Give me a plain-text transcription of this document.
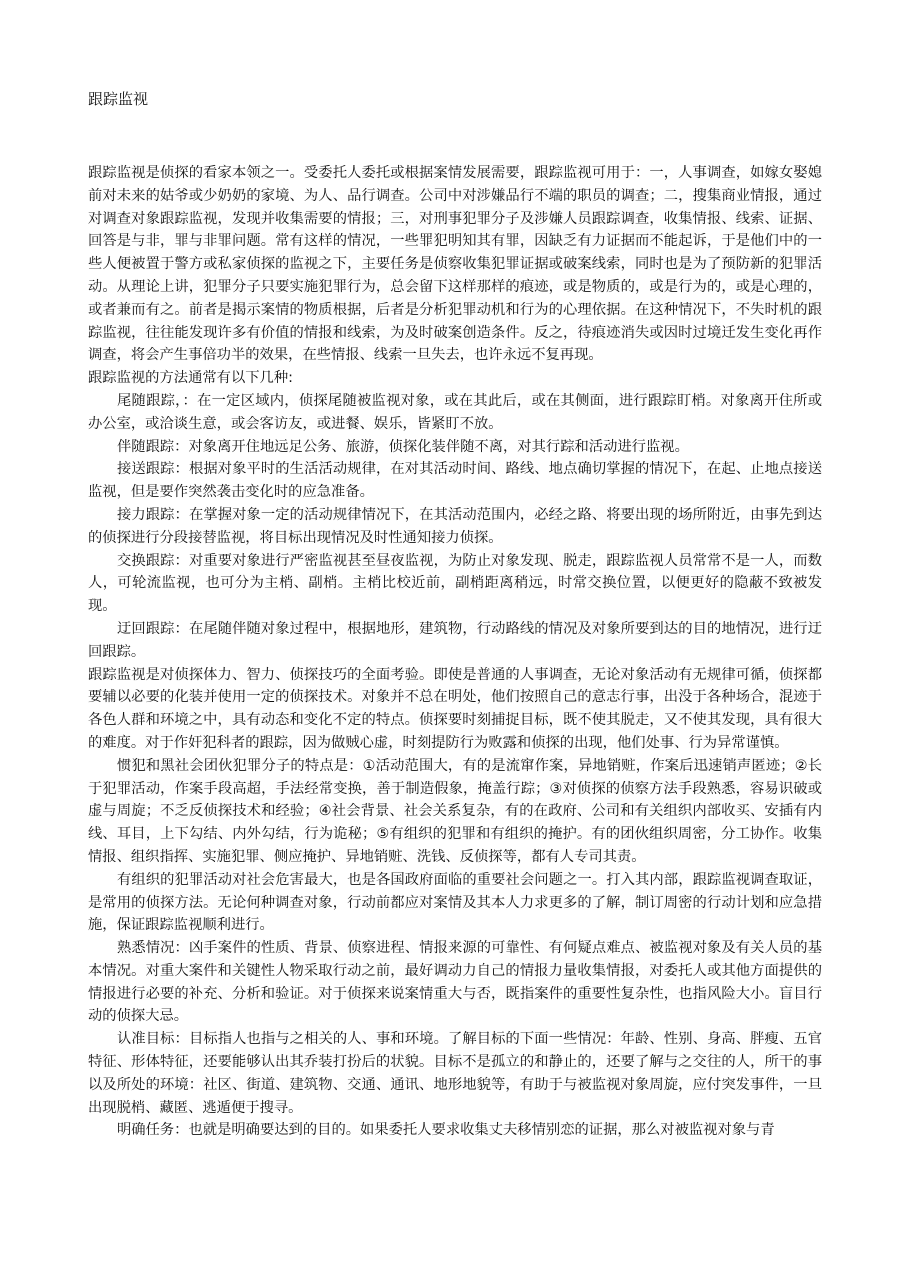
跟踪监视

跟踪监视是侦探的看家本领之一。受委托人委托或根据案情发展需要，跟踪监视可用于：一，人事调查，如嫁女娶媳前对未来的姑爷或少奶奶的家境、为人、品行调查。公司中对涉嫌品行不端的职员的调查；二，搜集商业情报，通过对调查对象跟踪监视，发现并收集需要的情报；三，对刑事犯罪分子及涉嫌人员跟踪调查，收集情报、线索、证据、回答是与非，罪与非罪问题。常有这样的情况，一些罪犯明知其有罪，因缺乏有力证据而不能起诉，于是他们中的一些人便被置于警方或私家侦探的监视之下，主要任务是侦察收集犯罪证据或破案线索，同时也是为了预防新的犯罪活动。从理论上讲，犯罪分子只要实施犯罪行为，总会留下这样那样的痕迹，或是物质的，或是行为的，或是心理的，或者兼而有之。前者是揭示案情的物质根据，后者是分析犯罪动机和行为的心理依据。在这种情况下，不失时机的跟踪监视，往往能发现许多有价值的情报和线索，为及时破案创造条件。反之，待痕迹消失或因时过境迁发生变化再作调查，将会产生事倍功半的效果，在些情报、线索一旦失去，也许永远不复再现。

跟踪监视的方法通常有以下几种:

尾随跟踪，：在一定区域内，侦探尾随被监视对象，或在其此后，或在其侧面，进行跟踪盯梢。对象离开住所或办公室，或洽谈生意，或会客访友，或进餐、娱乐，皆紧盯不放。

伴随跟踪：对象离开住地远足公务、旅游，侦探化装伴随不离，对其行踪和活动进行监视。

接送跟踪：根据对象平时的生活活动规律，在对其活动时间、路线、地点确切掌握的情况下，在起、止地点接送监视，但是要作突然袭击变化时的应急准备。

接力跟踪：在掌握对象一定的活动规律情况下，在其活动范围内，必经之路、将要出现的场所附近，由事先到达的侦探进行分段接替监视，将目标出现情况及时性通知接力侦探。

交换跟踪：对重要对象进行严密监视甚至昼夜监视，为防止对象发现、脱走，跟踪监视人员常常不是一人，而数人，可轮流监视，也可分为主梢、副梢。主梢比校近前，副梢距离稍远，时常交换位置，以便更好的隐蔽不致被发现。

迂回跟踪：在尾随伴随对象过程中，根据地形，建筑物，行动路线的情况及对象所要到达的目的地情况，进行迂回跟踪。

跟踪监视是对侦探体力、智力、侦探技巧的全面考验。即使是普通的人事调查，无论对象活动有无规律可循，侦探都要辅以必要的化装并使用一定的侦探技术。对象并不总在明处，他们按照自己的意志行事，出没于各种场合，混迹于各色人群和环境之中，具有动态和变化不定的特点。侦探要时刻捕捉目标，既不使其脱走，又不使其发现，具有很大的难度。对于作奸犯科者的跟踪，因为做贼心虚，时刻提防行为败露和侦探的出现，他们处事、行为异常谨慎。

惯犯和黑社会团伙犯罪分子的特点是：①活动范围大，有的是流窜作案，异地销赃，作案后迅速销声匿迹；②长于犯罪活动，作案手段高超，手法经常变换，善于制造假象，掩盖行踪；③对侦探的侦察方法手段熟悉，容易识破或虚与周旋；不乏反侦探技术和经验；④社会背景、社会关系复杂，有的在政府、公司和有关组织内部收买、安插有内线、耳目，上下勾结、内外勾结，行为诡秘；⑤有组织的犯罪和有组织的掩护。有的团伙组织周密，分工协作。收集情报、组织指挥、实施犯罪、侧应掩护、异地销赃、洗钱、反侦探等，都有人专司其责。

有组织的犯罪活动对社会危害最大，也是各国政府面临的重要社会问题之一。打入其内部，跟踪监视调查取证，是常用的侦探方法。无论何种调查对象，行动前都应对案情及其本人力求更多的了解，制订周密的行动计划和应急措施，保证跟踪监视顺利进行。

熟悉情况：凶手案件的性质、背景、侦察进程、情报来源的可靠性、有何疑点难点、被监视对象及有关人员的基本情况。对重大案件和关键性人物采取行动之前，最好调动力自己的情报力量收集情报，对委托人或其他方面提供的情报进行必要的补充、分析和验证。对于侦探来说案情重大与否，既指案件的重要性复杂性，也指风险大小。盲目行动的侦探大忌。

认准目标：目标指人也指与之相关的人、事和环境。了解目标的下面一些情况：年龄、性别、身高、胖瘦、五官特征、形体特征，还要能够认出其乔装打扮后的状貌。目标不是孤立的和静止的，还要了解与之交往的人，所干的事以及所处的环境：社区、街道、建筑物、交通、通讯、地形地貌等，有助于与被监视对象周旋，应付突发事件，一旦出现脱梢、藏匿、逃遁便于搜寻。

明确任务：也就是明确要达到的目的。如果委托人要求收集丈夫移情别恋的证据，那么对被监视对象与青
